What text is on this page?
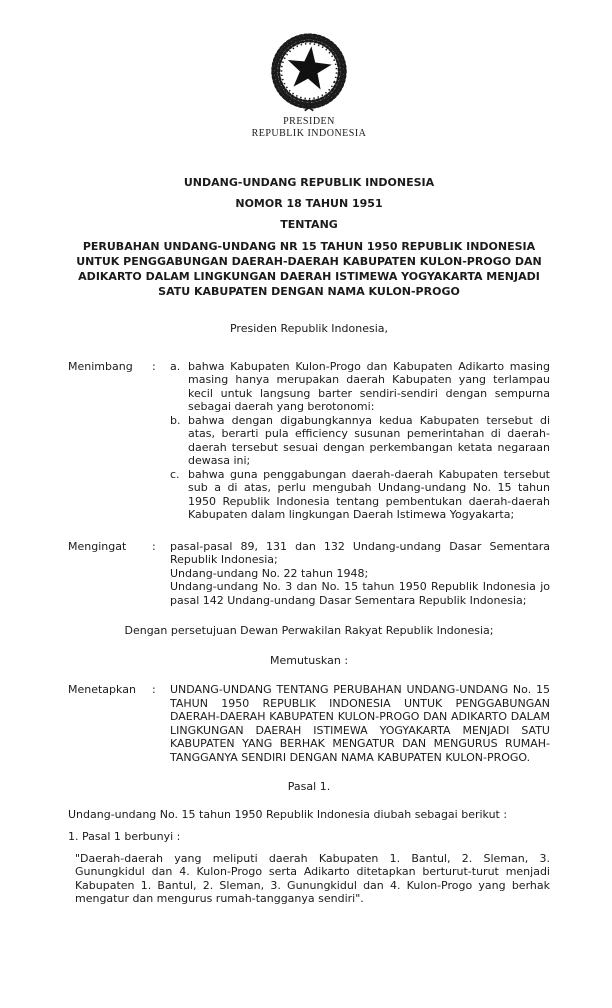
PRESIDEN
REPUBLIK INDONESIA
UNDANG-UNDANG REPUBLIK INDONESIA
NOMOR 18 TAHUN 1951
TENTANG
PERUBAHAN UNDANG-UNDANG NR 15 TAHUN 1950 REPUBLIK INDONESIA UNTUK PENGGABUNGAN DAERAH-DAERAH KABUPATEN KULON-PROGO DAN ADIKARTO DALAM LINGKUNGAN DAERAH ISTIMEWA YOGYAKARTA MENJADI SATU KABUPATEN DENGAN NAMA KULON-PROGO
Presiden Republik Indonesia,
Menimbang	:	a. bahwa Kabupaten Kulon-Progo dan Kabupaten Adikarto masing masing hanya merupakan daerah Kabupaten yang terlampau kecil untuk langsung barter sendiri-sendiri dengan sempurna sebagai daerah yang berotonomi:
b. bahwa dengan digabungkannya kedua Kabupaten tersebut di atas, berarti pula efficiency susunan pemerintahan di daerah-daerah tersebut sesuai dengan perkembangan ketata negaraan dewasa ini;
c. bahwa guna penggabungan daerah-daerah Kabupaten tersebut sub a di atas, perlu mengubah Undang-undang No. 15 tahun 1950 Republik Indonesia tentang pembentukan daerah-daerah Kabupaten dalam lingkungan Daerah Istimewa Yogyakarta;
Mengingat	:	pasal-pasal 89, 131 dan 132 Undang-undang Dasar Sementara Republik Indonesia;
Undang-undang No. 22 tahun 1948;
Undang-undang No. 3 dan No. 15 tahun 1950 Republik Indonesia jo pasal 142 Undang-undang Dasar Sementara Republik Indonesia;
Dengan persetujuan Dewan Perwakilan Rakyat Republik Indonesia;
Memutuskan :
Menetapkan	:	UNDANG-UNDANG TENTANG PERUBAHAN UNDANG-UNDANG No. 15 TAHUN 1950 REPUBLIK INDONESIA UNTUK PENGGABUNGAN DAERAH-DAERAH KABUPATEN KULON-PROGO DAN ADIKARTO DALAM LINGKUNGAN DAERAH ISTIMEWA YOGYAKARTA MENJADI SATU KABUPATEN YANG BERHAK MENGATUR DAN MENGURUS RUMAH-TANGGANYA SENDIRI DENGAN NAMA KABUPATEN KULON-PROGO.
Pasal 1.
Undang-undang No. 15 tahun 1950 Republik Indonesia diubah sebagai berikut :
1. Pasal 1 berbunyi :
"Daerah-daerah yang meliputi daerah Kabupaten 1. Bantul, 2. Sleman, 3. Gunungkidul dan 4. Kulon-Progo serta Adikarto ditetapkan berturut-turut menjadi Kabupaten 1. Bantul, 2. Sleman, 3. Gunungkidul dan 4. Kulon-Progo yang berhak mengatur dan mengurus rumah-tangganya sendiri".
